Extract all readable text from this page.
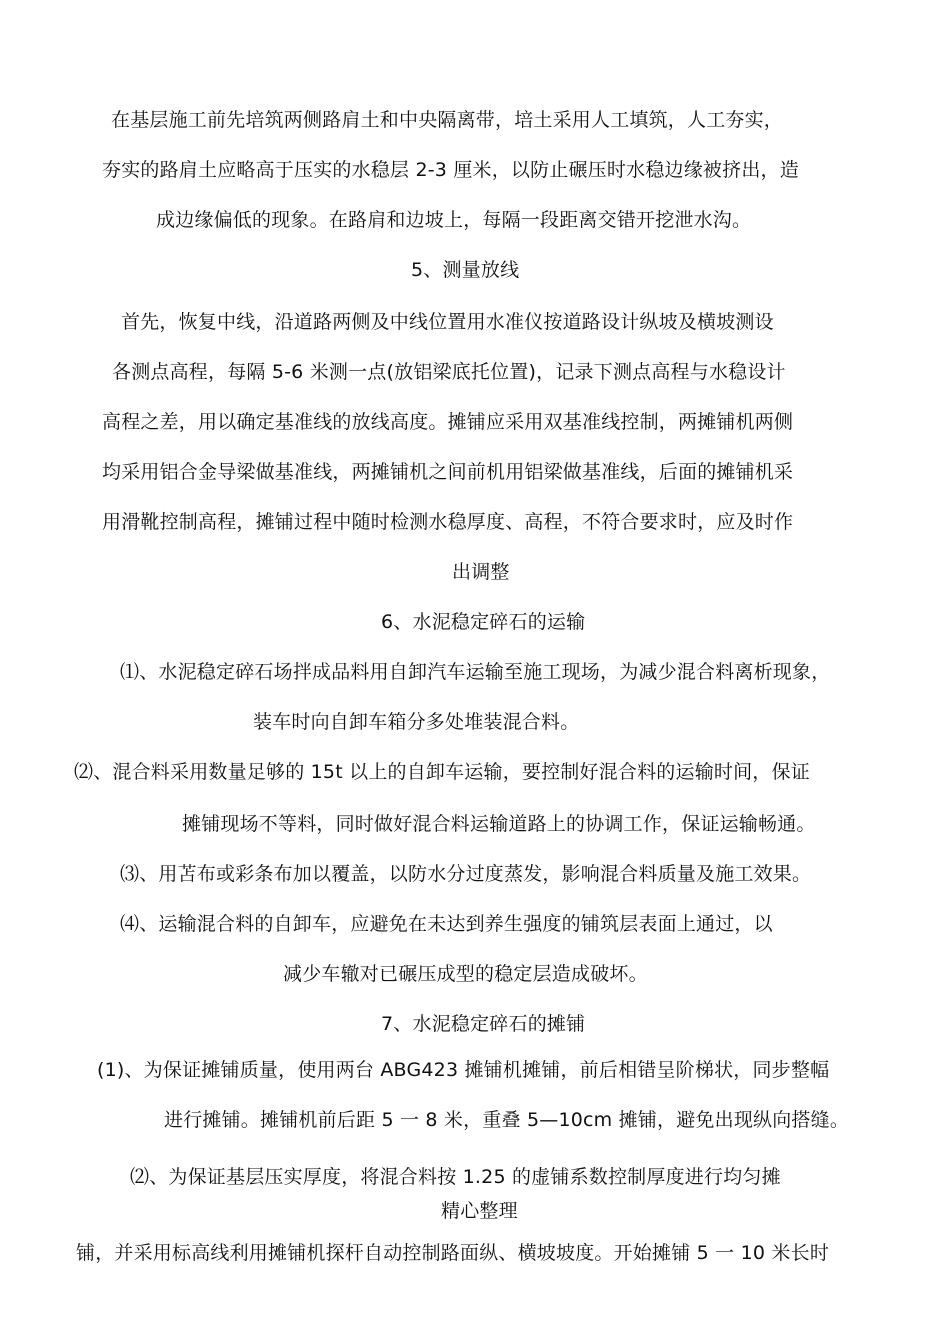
在基层施工前先培筑两侧路肩土和中央隔离带，培土采用人工填筑，人工夯实，

夯实的路肩土应略高于压实的水稳层 2-3 厘米，以防止碾压时水稳边缘被挤出，造

成边缘偏低的现象。在路肩和边坡上，每隔一段距离交错开挖泄水沟。

5、测量放线

首先，恢复中线，沿道路两侧及中线位置用水准仪按道路设计纵坡及横坡测设

各测点高程，每隔 5-6 米测一点(放铝梁底托位置)，记录下测点高程与水稳设计

高程之差，用以确定基准线的放线高度。摊铺应采用双基准线控制，两摊铺机两侧

均采用铝合金导梁做基准线，两摊铺机之间前机用铝梁做基准线，后面的摊铺机采

用滑靴控制高程，摊铺过程中随时检测水稳厚度、高程，不符合要求时，应及时作

出调整

6、水泥稳定碎石的运输

⑴、水泥稳定碎石场拌成品料用自卸汽车运输至施工现场，为减少混合料离析现象，

装车时向自卸车箱分多处堆装混合料。

⑵、混合料采用数量足够的 15t 以上的自卸车运输，要控制好混合料的运输时间，保证

摊铺现场不等料，同时做好混合料运输道路上的协调工作，保证运输畅通。

⑶、用苫布或彩条布加以覆盖，以防水分过度蒸发，影响混合料质量及施工效果。

⑷、运输混合料的自卸车，应避免在未达到养生强度的铺筑层表面上通过，以

减少车辙对已碾压成型的稳定层造成破坏。

7、水泥稳定碎石的摊铺

(1)、为保证摊铺质量，使用两台 ABG423 摊铺机摊铺，前后相错呈阶梯状，同步整幅

进行摊铺。摊铺机前后距 5 一 8 米，重叠 5—10cm 摊铺，避免出现纵向搭缝。

⑵、为保证基层压实厚度，将混合料按 1.25 的虚铺系数控制厚度进行均匀摊

精心整理

铺，并采用标高线利用摊铺机探杆自动控制路面纵、横坡坡度。开始摊铺 5 一 10 米长时
